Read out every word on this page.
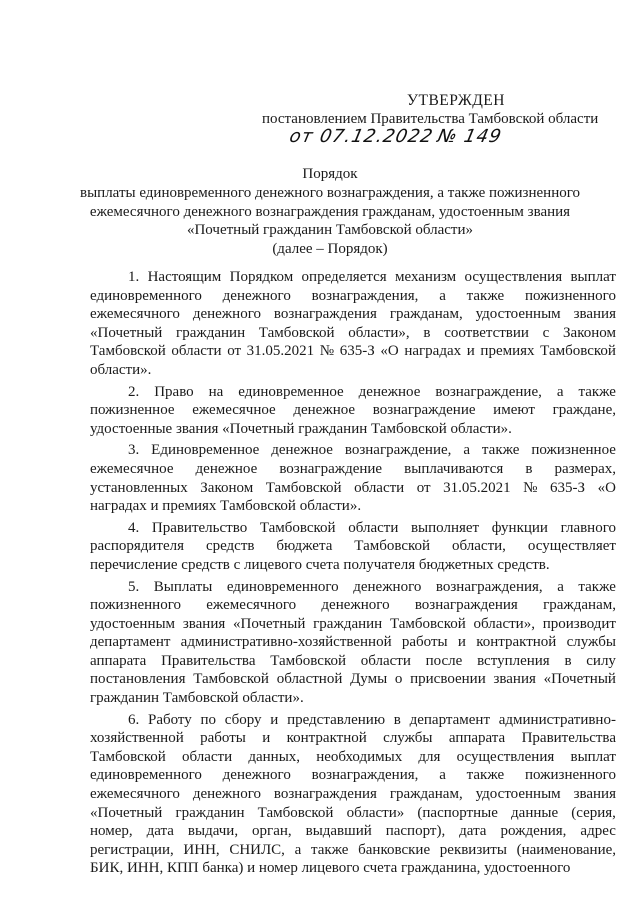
УТВЕРЖДЕН

постановлением Правительства Тамбовской области

от 07.12.2022 № 149
Порядок
выплаты единовременного денежного вознаграждения, а также пожизненного
ежемесячного денежного вознаграждения гражданам, удостоенным звания
«Почетный гражданин Тамбовской области»
(далее – Порядок)
1. Настоящим Порядком определяется механизм осуществления выплат
единовременного денежного вознаграждения, а также пожизненного
ежемесячного денежного вознаграждения гражданам, удостоенным звания
«Почетный гражданин Тамбовской области», в соответствии с Законом
Тамбовской области от 31.05.2021 № 635-З «О наградах и премиях Тамбовской
области».
2. Право на единовременное денежное вознаграждение, а также
пожизненное ежемесячное денежное вознаграждение имеют граждане,
удостоенные звания «Почетный гражданин Тамбовской области».
3. Единовременное денежное вознаграждение, а также пожизненное
ежемесячное денежное вознаграждение выплачиваются в размерах,
установленных Законом Тамбовской области от 31.05.2021 № 635-З «О
наградах и премиях Тамбовской области».
4. Правительство Тамбовской области выполняет функции главного
распорядителя средств бюджета Тамбовской области, осуществляет
перечисление средств с лицевого счета получателя бюджетных средств.
5. Выплаты единовременного денежного вознаграждения, а также
пожизненного ежемесячного денежного вознаграждения гражданам,
удостоенным звания «Почетный гражданин Тамбовской области», производит
департамент административно-хозяйственной работы и контрактной службы
аппарата Правительства Тамбовской области после вступления в силу
постановления Тамбовской областной Думы о присвоении звания «Почетный
гражданин Тамбовской области».
6. Работу по сбору и представлению в департамент административно-
хозяйственной работы и контрактной службы аппарата Правительства
Тамбовской области данных, необходимых для осуществления выплат
единовременного денежного вознаграждения, а также пожизненного
ежемесячного денежного вознаграждения гражданам, удостоенным звания
«Почетный гражданин Тамбовской области» (паспортные данные (серия,
номер, дата выдачи, орган, выдавший паспорт), дата рождения, адрес
регистрации, ИНН, СНИЛС, а также банковские реквизиты (наименование,
БИК, ИНН, КПП банка) и номер лицевого счета гражданина, удостоенного
